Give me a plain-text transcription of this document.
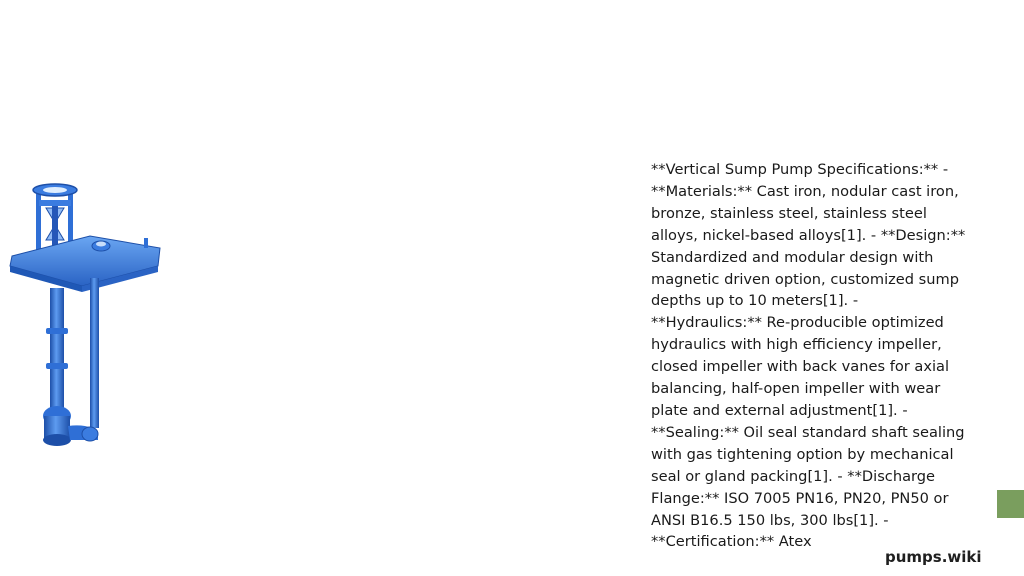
**Vertical Sump Pump Specifications:** - **Materials:** Cast iron, nodular cast iron, bronze, stainless steel, stainless steel alloys, nickel-based alloys[1]. - **Design:** Standardized and modular design with magnetic driven option, customized sump depths up to 10 meters[1]. - **Hydraulics:** Re-producible optimized hydraulics with high efficiency impeller, closed impeller with back vanes for axial balancing, half-open impeller with wear plate and external adjustment[1]. - **Sealing:** Oil seal standard shaft sealing with gas tightening option by mechanical seal or gland packing[1]. - **Discharge Flange:** ISO 7005 PN16, PN20, PN50 or ANSI B16.5 150 lbs, 300 lbs[1]. - **Certification:** Atex

pumps.wiki
